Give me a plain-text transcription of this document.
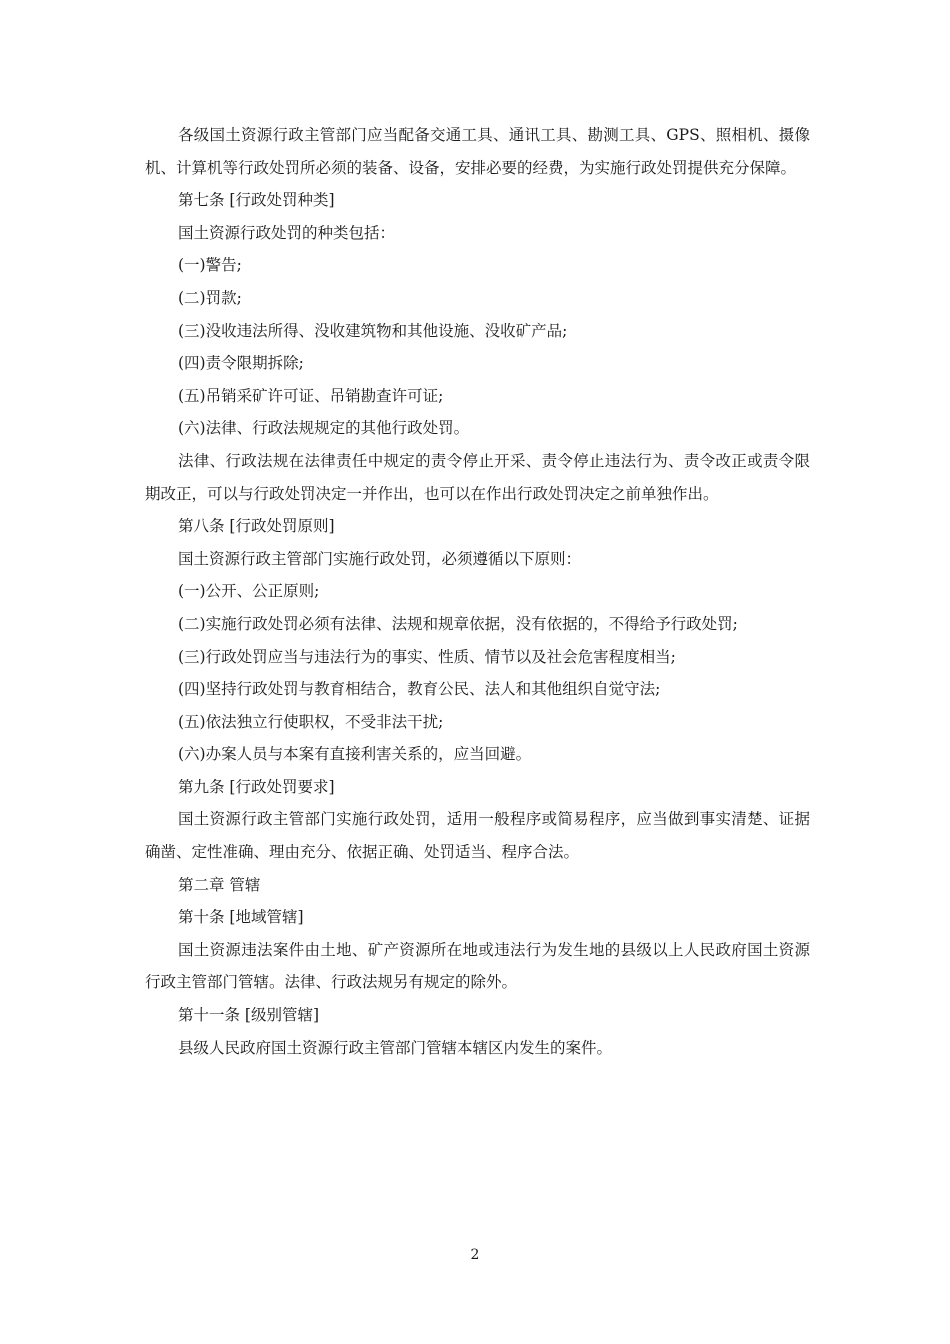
各级国土资源行政主管部门应当配备交通工具、通讯工具、勘测工具、GPS、照相机、摄像机、计算机等行政处罚所必须的装备、设备，安排必要的经费，为实施行政处罚提供充分保障。

第七条 [行政处罚种类]

国土资源行政处罚的种类包括：

(一)警告;

(二)罚款;

(三)没收违法所得、没收建筑物和其他设施、没收矿产品;

(四)责令限期拆除;

(五)吊销采矿许可证、吊销勘查许可证;

(六)法律、行政法规规定的其他行政处罚。

法律、行政法规在法律责任中规定的责令停止开采、责令停止违法行为、责令改正或责令限期改正，可以与行政处罚决定一并作出，也可以在作出行政处罚决定之前单独作出。

第八条 [行政处罚原则]

国土资源行政主管部门实施行政处罚，必须遵循以下原则：

(一)公开、公正原则;

(二)实施行政处罚必须有法律、法规和规章依据，没有依据的，不得给予行政处罚;

(三)行政处罚应当与违法行为的事实、性质、情节以及社会危害程度相当;

(四)坚持行政处罚与教育相结合，教育公民、法人和其他组织自觉守法;

(五)依法独立行使职权，不受非法干扰;

(六)办案人员与本案有直接利害关系的，应当回避。

第九条 [行政处罚要求]

国土资源行政主管部门实施行政处罚，适用一般程序或简易程序，应当做到事实清楚、证据确凿、定性准确、理由充分、依据正确、处罚适当、程序合法。

第二章 管辖

第十条 [地域管辖]

国土资源违法案件由土地、矿产资源所在地或违法行为发生地的县级以上人民政府国土资源行政主管部门管辖。法律、行政法规另有规定的除外。

第十一条 [级别管辖]

县级人民政府国土资源行政主管部门管辖本辖区内发生的案件。

2
